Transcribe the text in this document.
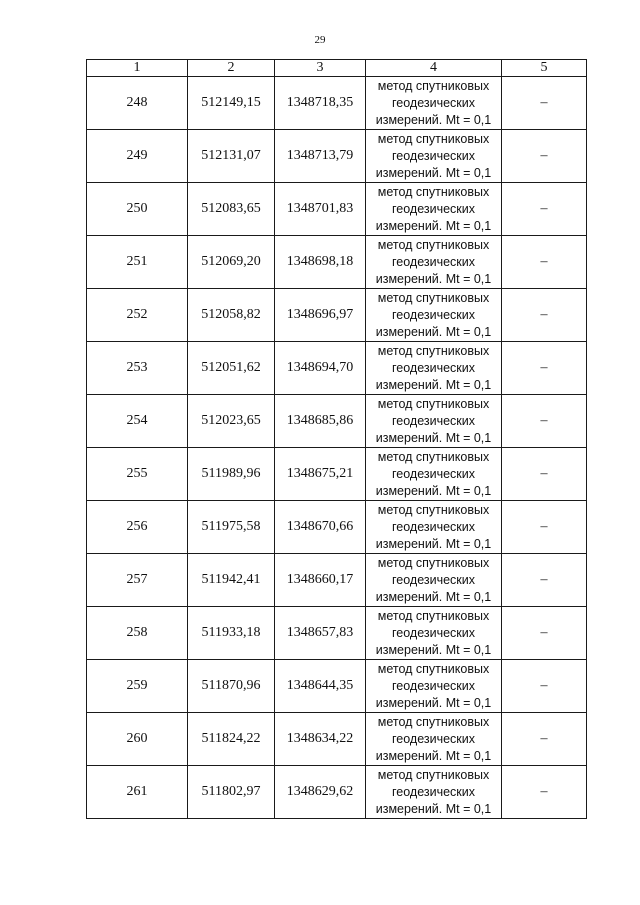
29
1	2	3	4	5
248	512149,15	1348718,35	метод спутниковых
геодезических
измерений. Mt = 0,1	–
249	512131,07	1348713,79	метод спутниковых
геодезических
измерений. Mt = 0,1	–
250	512083,65	1348701,83	метод спутниковых
геодезических
измерений. Mt = 0,1	–
251	512069,20	1348698,18	метод спутниковых
геодезических
измерений. Mt = 0,1	–
252	512058,82	1348696,97	метод спутниковых
геодезических
измерений. Mt = 0,1	–
253	512051,62	1348694,70	метод спутниковых
геодезических
измерений. Mt = 0,1	–
254	512023,65	1348685,86	метод спутниковых
геодезических
измерений. Mt = 0,1	–
255	511989,96	1348675,21	метод спутниковых
геодезических
измерений. Mt = 0,1	–
256	511975,58	1348670,66	метод спутниковых
геодезических
измерений. Mt = 0,1	–
257	511942,41	1348660,17	метод спутниковых
геодезических
измерений. Mt = 0,1	–
258	511933,18	1348657,83	метод спутниковых
геодезических
измерений. Mt = 0,1	–
259	511870,96	1348644,35	метод спутниковых
геодезических
измерений. Mt = 0,1	–
260	511824,22	1348634,22	метод спутниковых
геодезических
измерений. Mt = 0,1	–
261	511802,97	1348629,62	метод спутниковых
геодезических
измерений. Mt = 0,1	–
